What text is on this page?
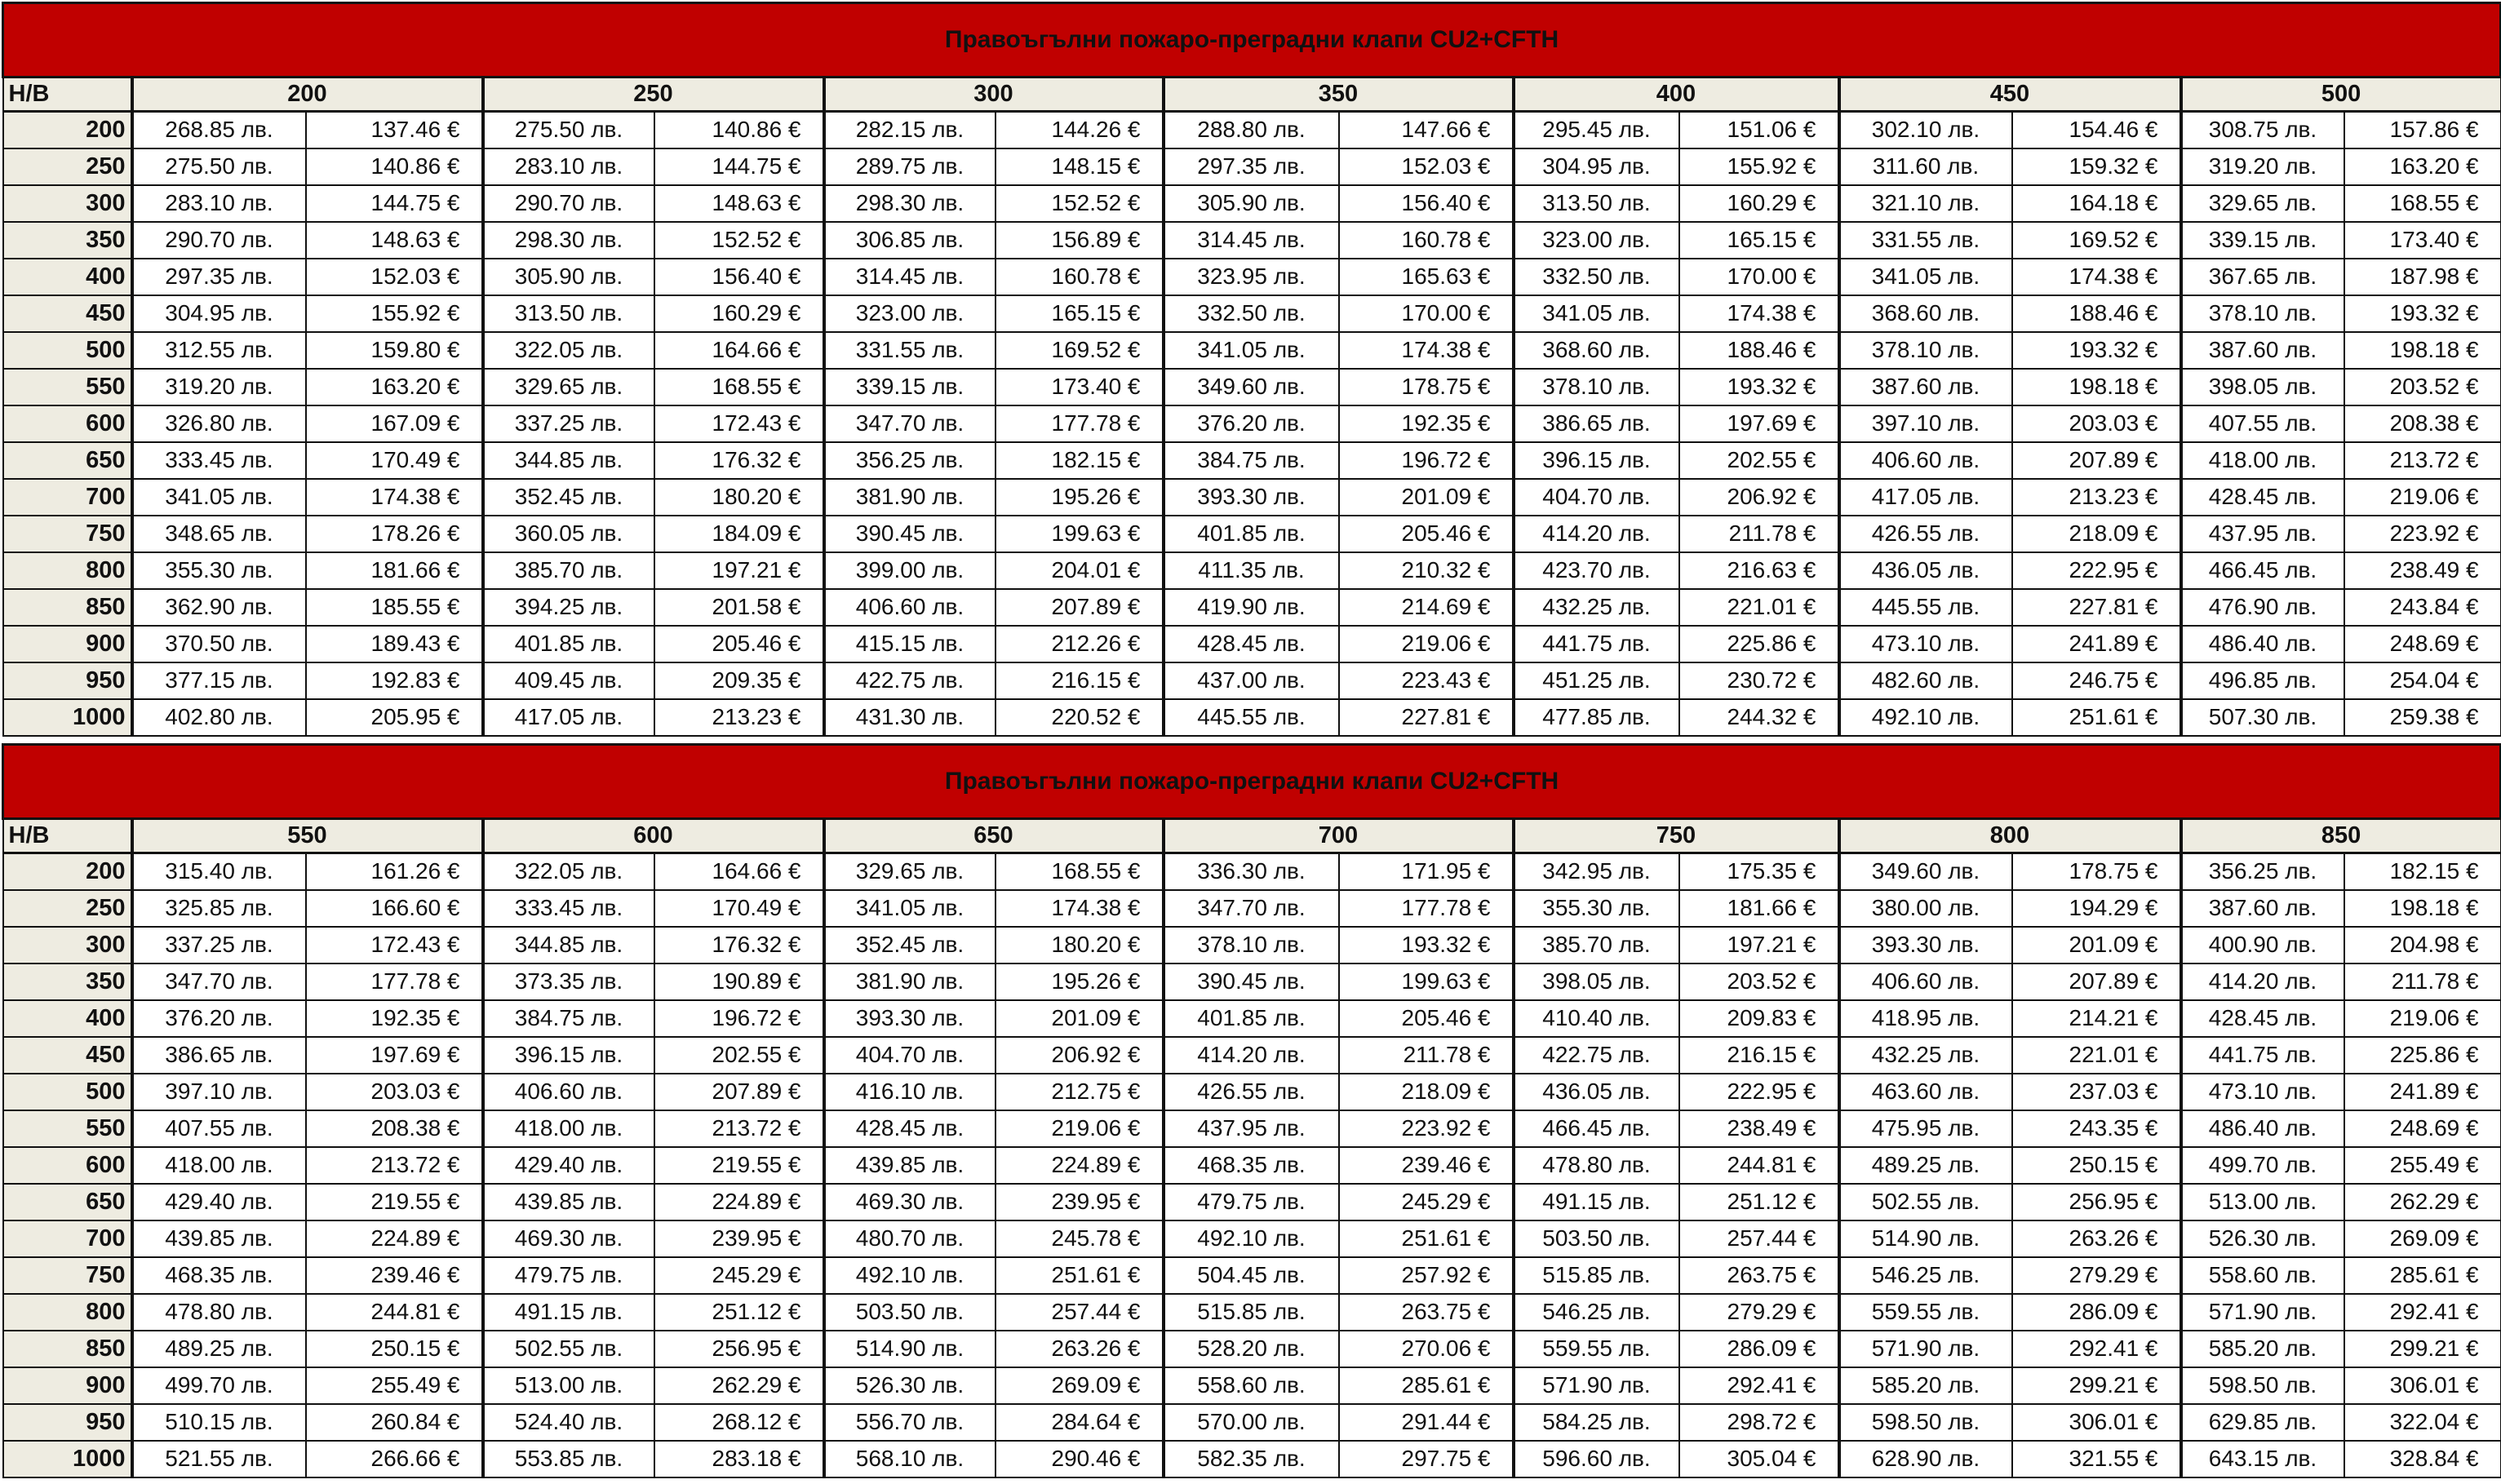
Правоъгълни пожаро-преградни клапи CU2+CFTH														
H/B	200		250		300		350		400		450		500	
200	268.85 лв.	137.46 €	275.50 лв.	140.86 €	282.15 лв.	144.26 €	288.80 лв.	147.66 €	295.45 лв.	151.06 €	302.10 лв.	154.46 €	308.75 лв.	157.86 €
250	275.50 лв.	140.86 €	283.10 лв.	144.75 €	289.75 лв.	148.15 €	297.35 лв.	152.03 €	304.95 лв.	155.92 €	311.60 лв.	159.32 €	319.20 лв.	163.20 €
300	283.10 лв.	144.75 €	290.70 лв.	148.63 €	298.30 лв.	152.52 €	305.90 лв.	156.40 €	313.50 лв.	160.29 €	321.10 лв.	164.18 €	329.65 лв.	168.55 €
350	290.70 лв.	148.63 €	298.30 лв.	152.52 €	306.85 лв.	156.89 €	314.45 лв.	160.78 €	323.00 лв.	165.15 €	331.55 лв.	169.52 €	339.15 лв.	173.40 €
400	297.35 лв.	152.03 €	305.90 лв.	156.40 €	314.45 лв.	160.78 €	323.95 лв.	165.63 €	332.50 лв.	170.00 €	341.05 лв.	174.38 €	367.65 лв.	187.98 €
450	304.95 лв.	155.92 €	313.50 лв.	160.29 €	323.00 лв.	165.15 €	332.50 лв.	170.00 €	341.05 лв.	174.38 €	368.60 лв.	188.46 €	378.10 лв.	193.32 €
500	312.55 лв.	159.80 €	322.05 лв.	164.66 €	331.55 лв.	169.52 €	341.05 лв.	174.38 €	368.60 лв.	188.46 €	378.10 лв.	193.32 €	387.60 лв.	198.18 €
550	319.20 лв.	163.20 €	329.65 лв.	168.55 €	339.15 лв.	173.40 €	349.60 лв.	178.75 €	378.10 лв.	193.32 €	387.60 лв.	198.18 €	398.05 лв.	203.52 €
600	326.80 лв.	167.09 €	337.25 лв.	172.43 €	347.70 лв.	177.78 €	376.20 лв.	192.35 €	386.65 лв.	197.69 €	397.10 лв.	203.03 €	407.55 лв.	208.38 €
650	333.45 лв.	170.49 €	344.85 лв.	176.32 €	356.25 лв.	182.15 €	384.75 лв.	196.72 €	396.15 лв.	202.55 €	406.60 лв.	207.89 €	418.00 лв.	213.72 €
700	341.05 лв.	174.38 €	352.45 лв.	180.20 €	381.90 лв.	195.26 €	393.30 лв.	201.09 €	404.70 лв.	206.92 €	417.05 лв.	213.23 €	428.45 лв.	219.06 €
750	348.65 лв.	178.26 €	360.05 лв.	184.09 €	390.45 лв.	199.63 €	401.85 лв.	205.46 €	414.20 лв.	211.78 €	426.55 лв.	218.09 €	437.95 лв.	223.92 €
800	355.30 лв.	181.66 €	385.70 лв.	197.21 €	399.00 лв.	204.01 €	411.35 лв.	210.32 €	423.70 лв.	216.63 €	436.05 лв.	222.95 €	466.45 лв.	238.49 €
850	362.90 лв.	185.55 €	394.25 лв.	201.58 €	406.60 лв.	207.89 €	419.90 лв.	214.69 €	432.25 лв.	221.01 €	445.55 лв.	227.81 €	476.90 лв.	243.84 €
900	370.50 лв.	189.43 €	401.85 лв.	205.46 €	415.15 лв.	212.26 €	428.45 лв.	219.06 €	441.75 лв.	225.86 €	473.10 лв.	241.89 €	486.40 лв.	248.69 €
950	377.15 лв.	192.83 €	409.45 лв.	209.35 €	422.75 лв.	216.15 €	437.00 лв.	223.43 €	451.25 лв.	230.72 €	482.60 лв.	246.75 €	496.85 лв.	254.04 €
1000	402.80 лв.	205.95 €	417.05 лв.	213.23 €	431.30 лв.	220.52 €	445.55 лв.	227.81 €	477.85 лв.	244.32 €	492.10 лв.	251.61 €	507.30 лв.	259.38 €
Правоъгълни пожаро-преградни клапи CU2+CFTH														
H/B	550		600		650		700		750		800		850	
200	315.40 лв.	161.26 €	322.05 лв.	164.66 €	329.65 лв.	168.55 €	336.30 лв.	171.95 €	342.95 лв.	175.35 €	349.60 лв.	178.75 €	356.25 лв.	182.15 €
250	325.85 лв.	166.60 €	333.45 лв.	170.49 €	341.05 лв.	174.38 €	347.70 лв.	177.78 €	355.30 лв.	181.66 €	380.00 лв.	194.29 €	387.60 лв.	198.18 €
300	337.25 лв.	172.43 €	344.85 лв.	176.32 €	352.45 лв.	180.20 €	378.10 лв.	193.32 €	385.70 лв.	197.21 €	393.30 лв.	201.09 €	400.90 лв.	204.98 €
350	347.70 лв.	177.78 €	373.35 лв.	190.89 €	381.90 лв.	195.26 €	390.45 лв.	199.63 €	398.05 лв.	203.52 €	406.60 лв.	207.89 €	414.20 лв.	211.78 €
400	376.20 лв.	192.35 €	384.75 лв.	196.72 €	393.30 лв.	201.09 €	401.85 лв.	205.46 €	410.40 лв.	209.83 €	418.95 лв.	214.21 €	428.45 лв.	219.06 €
450	386.65 лв.	197.69 €	396.15 лв.	202.55 €	404.70 лв.	206.92 €	414.20 лв.	211.78 €	422.75 лв.	216.15 €	432.25 лв.	221.01 €	441.75 лв.	225.86 €
500	397.10 лв.	203.03 €	406.60 лв.	207.89 €	416.10 лв.	212.75 €	426.55 лв.	218.09 €	436.05 лв.	222.95 €	463.60 лв.	237.03 €	473.10 лв.	241.89 €
550	407.55 лв.	208.38 €	418.00 лв.	213.72 €	428.45 лв.	219.06 €	437.95 лв.	223.92 €	466.45 лв.	238.49 €	475.95 лв.	243.35 €	486.40 лв.	248.69 €
600	418.00 лв.	213.72 €	429.40 лв.	219.55 €	439.85 лв.	224.89 €	468.35 лв.	239.46 €	478.80 лв.	244.81 €	489.25 лв.	250.15 €	499.70 лв.	255.49 €
650	429.40 лв.	219.55 €	439.85 лв.	224.89 €	469.30 лв.	239.95 €	479.75 лв.	245.29 €	491.15 лв.	251.12 €	502.55 лв.	256.95 €	513.00 лв.	262.29 €
700	439.85 лв.	224.89 €	469.30 лв.	239.95 €	480.70 лв.	245.78 €	492.10 лв.	251.61 €	503.50 лв.	257.44 €	514.90 лв.	263.26 €	526.30 лв.	269.09 €
750	468.35 лв.	239.46 €	479.75 лв.	245.29 €	492.10 лв.	251.61 €	504.45 лв.	257.92 €	515.85 лв.	263.75 €	546.25 лв.	279.29 €	558.60 лв.	285.61 €
800	478.80 лв.	244.81 €	491.15 лв.	251.12 €	503.50 лв.	257.44 €	515.85 лв.	263.75 €	546.25 лв.	279.29 €	559.55 лв.	286.09 €	571.90 лв.	292.41 €
850	489.25 лв.	250.15 €	502.55 лв.	256.95 €	514.90 лв.	263.26 €	528.20 лв.	270.06 €	559.55 лв.	286.09 €	571.90 лв.	292.41 €	585.20 лв.	299.21 €
900	499.70 лв.	255.49 €	513.00 лв.	262.29 €	526.30 лв.	269.09 €	558.60 лв.	285.61 €	571.90 лв.	292.41 €	585.20 лв.	299.21 €	598.50 лв.	306.01 €
950	510.15 лв.	260.84 €	524.40 лв.	268.12 €	556.70 лв.	284.64 €	570.00 лв.	291.44 €	584.25 лв.	298.72 €	598.50 лв.	306.01 €	629.85 лв.	322.04 €
1000	521.55 лв.	266.66 €	553.85 лв.	283.18 €	568.10 лв.	290.46 €	582.35 лв.	297.75 €	596.60 лв.	305.04 €	628.90 лв.	321.55 €	643.15 лв.	328.84 €
